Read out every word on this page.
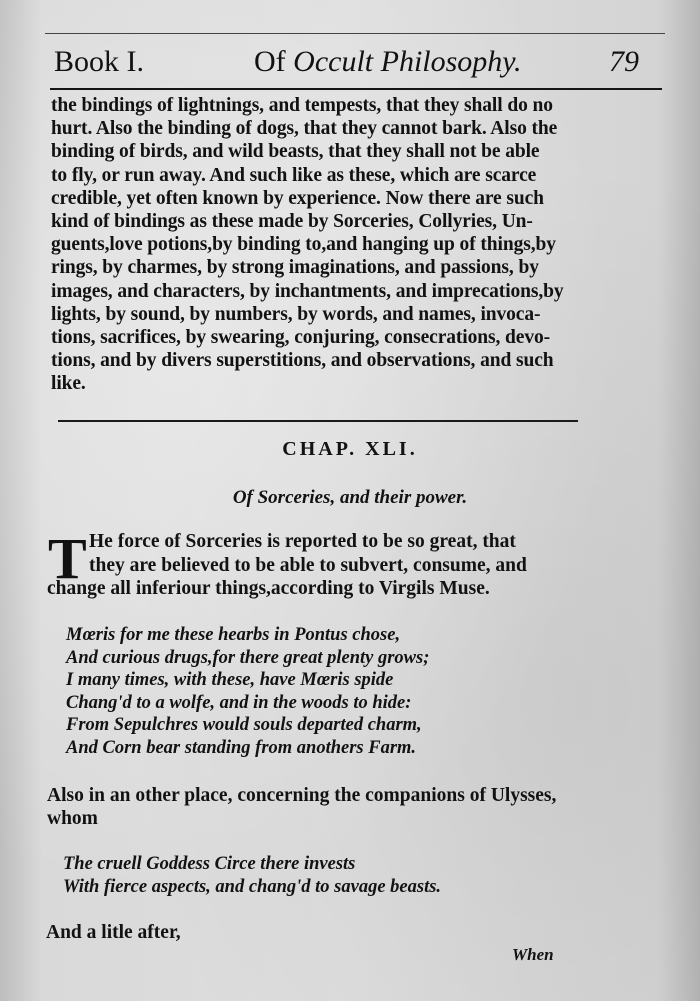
Book I.	Of Occult Philosophy.	79
the bindings of lightnings, and tempests, that they shall do no
hurt. Also the binding of dogs, that they cannot bark. Also the
binding of birds, and wild beasts, that they shall not be able
to fly, or run away. And such like as these, which are scarce
credible, yet often known by experience. Now there are such
kind of bindings as these made by Sorceries, Collyries, Un-
guents,love potions,by binding to,and hanging up of things,by
rings, by charmes, by strong imaginations, and passions, by
images, and characters, by inchantments, and imprecations,by
lights, by sound, by numbers, by words, and names, invoca-
tions, sacrifices, by swearing, conjuring, consecrations, devo-
tions, and by divers superstitions, and observations, and such
like.
CHAP. XLI.
Of Sorceries, and their power.
T He force of Sorceries is reported to be so great, that
they are believed to be able to subvert, consume, and
change all inferiour things,according to Virgils Muse.
Mœris for me these hearbs in Pontus chose,
And curious drugs,for there great plenty grows;
I many times, with these, have Mœris spide
Chang'd to a wolfe, and in the woods to hide:
From Sepulchres would souls departed charm,
And Corn bear standing from anothers Farm.
Also in an other place, concerning the companions of Ulysses,
whom
The cruell Goddess Circe there invests
With fierce aspects, and chang'd to savage beasts.
And a litle after,
When
